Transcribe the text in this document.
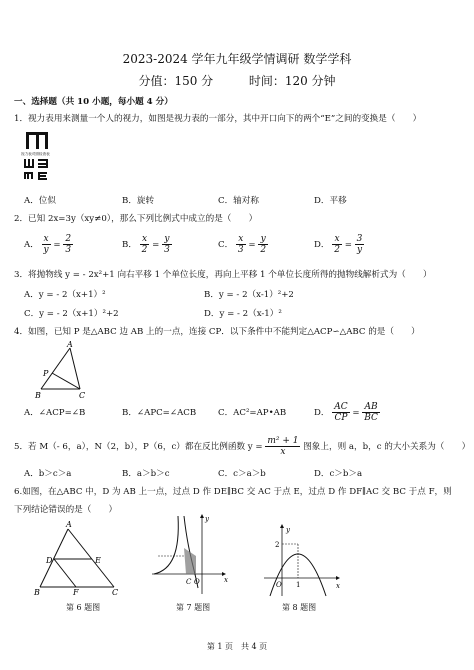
2023-2024 学年九年级学情调研 数学学科
分值：150 分	时间：120 分钟
一、选择题（共 10 小题，每小题 4 分）
1．视力表用来测量一个人的视力，如图是视力表的一部分，其中开口向下的两个“E”之间的变换是（　　）
视力表对照检查表
A．位似	B．旋转	C．轴对称	D．平移
2．已知 2x=3y（xy≠0），那么下列比例式中成立的是（　　）
A． $\frac{x}{y} = \frac{2}{3}$	B． $\frac{x}{2} = \frac{y}{3}$	C． $\frac{x}{3} = \frac{y}{2}$	D． $\frac{x}{2} = \frac{3}{y}$
3．将抛物线 y = - 2x²+1 向右平移 1 个单位长度，再向上平移 1 个单位长度所得的抛物线解析式为（　　）
A．y = - 2（x+1）²	B．y = - 2（x-1）²+2
C．y = - 2（x+1）²+2	D．y = - 2（x-1）²
4．如图，已知 P 是△ABC 边 AB 上的一点，连接 CP．以下条件中不能判定△ACP∽△ABC 的是（　　）
A
P
B	C
A．∠ACP=∠B	B．∠APC=∠ACB	C．AC²=AP•AB	D． $\frac{AC}{CP} = \frac{AB}{BC}$
5．若 M（- 6，a），N（2，b），P（6，c）都在反比例函数 $y = \frac{\text{m² + 1}}{x}$ 图象上，则 a，b，c 的大小关系为（　　）
A．b＞c＞a	B．a＞b＞c	C．c＞a＞b	D．c＞b＞a
6.如图，在△ABC 中，D 为 AB 上一点，过点 D 作 DE∥BC 交 AC 于点 E，过点 D 作 DF∥AC 交 BC 于点 F，则
下列结论错误的是（　　）
A
D	E
B	F	C
第 6 题图
x
y
O
C
第 7 题图
y
x
O
2
1
第 8 题图
第 1 页　共 4 页
